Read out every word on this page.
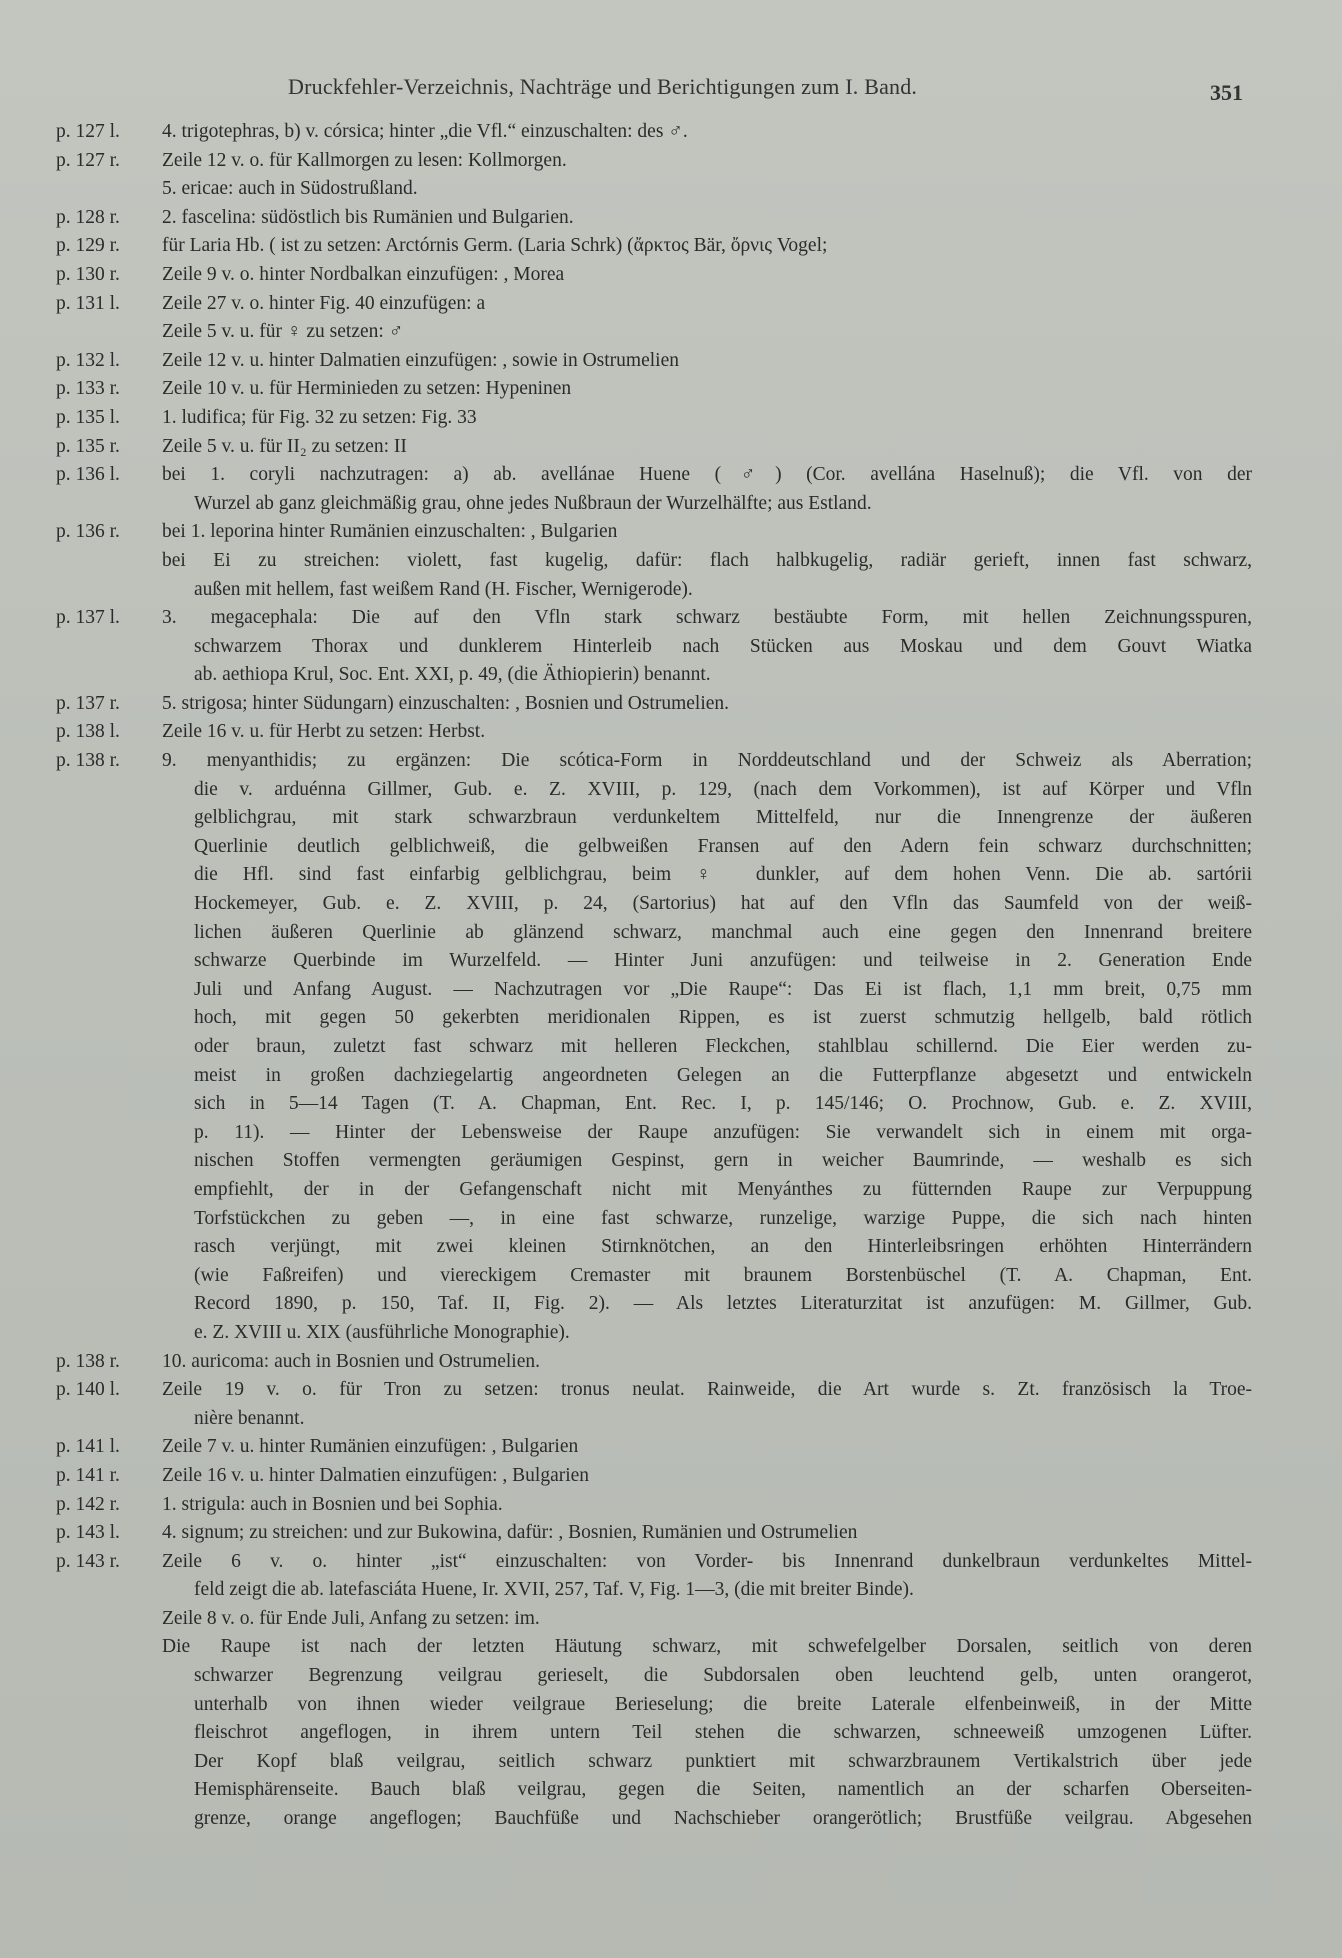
Druckfehler-Verzeichnis, Nachträge und Berichtigungen zum I. Band.	351
p. 127 l.	4. trigotephras, b) v. córsica; hinter „die Vfl.“ einzuschalten: des ♂.
p. 127 r.	Zeile 12 v. o. für Kallmorgen zu lesen: Kollmorgen.
5. ericae: auch in Südostrußland.
p. 128 r.	2. fascelina: südöstlich bis Rumänien und Bulgarien.
p. 129 r.	für Laria Hb. ( ist zu setzen: Arctórnis Germ. (Laria Schrk) (ἄρκτος Bär, ὄρνις Vogel;
p. 130 r.	Zeile 9 v. o. hinter Nordbalkan einzufügen: , Morea
p. 131 l.	Zeile 27 v. o. hinter Fig. 40 einzufügen: a
Zeile 5 v. u. für ♀ zu setzen: ♂
p. 132 l.	Zeile 12 v. u. hinter Dalmatien einzufügen: , sowie in Ostrumelien
p. 133 r.	Zeile 10 v. u. für Herminieden zu setzen: Hypeninen
p. 135 l.	1. ludifica; für Fig. 32 zu setzen: Fig. 33
p. 135 r.	Zeile 5 v. u. für II₂ zu setzen: II
p. 136 l.	bei 1. coryli nachzutragen: a) ab. avellánae Huene (♂) (Cor. avellána Haselnuß); die Vfl. von der
Wurzel ab ganz gleichmäßig grau, ohne jedes Nußbraun der Wurzelhälfte; aus Estland.
p. 136 r.	bei 1. leporina hinter Rumänien einzuschalten: , Bulgarien
bei Ei zu streichen: violett, fast kugelig, dafür: flach halbkugelig, radiär gerieft, innen fast schwarz,
außen mit hellem, fast weißem Rand (H. Fischer, Wernigerode).
p. 137 l.	3. megacephala: Die auf den Vfln stark schwarz bestäubte Form, mit hellen Zeichnungsspuren,
schwarzem Thorax und dunklerem Hinterleib nach Stücken aus Moskau und dem Gouvt Wiatka
ab. aethiopa Krul, Soc. Ent. XXI, p. 49, (die Äthiopierin) benannt.
p. 137 r.	5. strigosa; hinter Südungarn) einzuschalten: , Bosnien und Ostrumelien.
p. 138 l.	Zeile 16 v. u. für Herbt zu setzen: Herbst.
p. 138 r.	9. menyanthidis; zu ergänzen: Die scótica-Form in Norddeutschland und der Schweiz als Aberration;
die v. arduénna Gillmer, Gub. e. Z. XVIII, p. 129, (nach dem Vorkommen), ist auf Körper und Vfln
gelblichgrau, mit stark schwarzbraun verdunkeltem Mittelfeld, nur die Innengrenze der äußeren
Querlinie deutlich gelblichweiß, die gelbweißen Fransen auf den Adern fein schwarz durchschnitten;
die Hfl. sind fast einfarbig gelblichgrau, beim ♀ dunkler, auf dem hohen Venn. Die ab. sartórii
Hockemeyer, Gub. e. Z. XVIII, p. 24, (Sartorius) hat auf den Vfln das Saumfeld von der weiß-
lichen äußeren Querlinie ab glänzend schwarz, manchmal auch eine gegen den Innenrand breitere
schwarze Querbinde im Wurzelfeld. — Hinter Juni anzufügen: und teilweise in 2. Generation Ende
Juli und Anfang August. — Nachzutragen vor „Die Raupe“: Das Ei ist flach, 1,1 mm breit, 0,75 mm
hoch, mit gegen 50 gekerbten meridionalen Rippen, es ist zuerst schmutzig hellgelb, bald rötlich
oder braun, zuletzt fast schwarz mit helleren Fleckchen, stahlblau schillernd. Die Eier werden zu-
meist in großen dachziegelartig angeordneten Gelegen an die Futterpflanze abgesetzt und entwickeln
sich in 5—14 Tagen (T. A. Chapman, Ent. Rec. I, p. 145/146; O. Prochnow, Gub. e. Z. XVIII,
p. 11). — Hinter der Lebensweise der Raupe anzufügen: Sie verwandelt sich in einem mit orga-
nischen Stoffen vermengten geräumigen Gespinst, gern in weicher Baumrinde, — weshalb es sich
empfiehlt, der in der Gefangenschaft nicht mit Menyánthes zu fütternden Raupe zur Verpuppung
Torfstückchen zu geben —, in eine fast schwarze, runzelige, warzige Puppe, die sich nach hinten
rasch verjüngt, mit zwei kleinen Stirnknötchen, an den Hinterleibsringen erhöhten Hinterrändern
(wie Faßreifen) und viereckigem Cremaster mit braunem Borstenbüschel (T. A. Chapman, Ent.
Record 1890, p. 150, Taf. II, Fig. 2). — Als letztes Literaturzitat ist anzufügen: M. Gillmer, Gub.
e. Z. XVIII u. XIX (ausführliche Monographie).
p. 138 r.	10. auricoma: auch in Bosnien und Ostrumelien.
p. 140 l.	Zeile 19 v. o. für Tron zu setzen: tronus neulat. Rainweide, die Art wurde s. Zt. französisch la Troe-
nière benannt.
p. 141 l.	Zeile 7 v. u. hinter Rumänien einzufügen: , Bulgarien
p. 141 r.	Zeile 16 v. u. hinter Dalmatien einzufügen: , Bulgarien
p. 142 r.	1. strigula: auch in Bosnien und bei Sophia.
p. 143 l.	4. signum; zu streichen: und zur Bukowina, dafür: , Bosnien, Rumänien und Ostrumelien
p. 143 r.	Zeile 6 v. o. hinter „ist“ einzuschalten: von Vorder- bis Innenrand dunkelbraun verdunkeltes Mittel-
feld zeigt die ab. latefasciáta Huene, Ir. XVII, 257, Taf. V, Fig. 1—3, (die mit breiter Binde).
Zeile 8 v. o. für Ende Juli, Anfang zu setzen: im.
Die Raupe ist nach der letzten Häutung schwarz, mit schwefelgelber Dorsalen, seitlich von deren
schwarzer Begrenzung veilgrau gerieselt, die Subdorsalen oben leuchtend gelb, unten orangerot,
unterhalb von ihnen wieder veilgraue Berieselung; die breite Laterale elfenbeinweiß, in der Mitte
fleischrot angeflogen, in ihrem untern Teil stehen die schwarzen, schneeweiß umzogenen Lüfter.
Der Kopf blaß veilgrau, seitlich schwarz punktiert mit schwarzbraunem Vertikalstrich über jede
Hemisphärenseite. Bauch blaß veilgrau, gegen die Seiten, namentlich an der scharfen Oberseiten-
grenze, orange angeflogen; Bauchfüße und Nachschieber orangerötlich; Brustfüße veilgrau. Abgesehen
